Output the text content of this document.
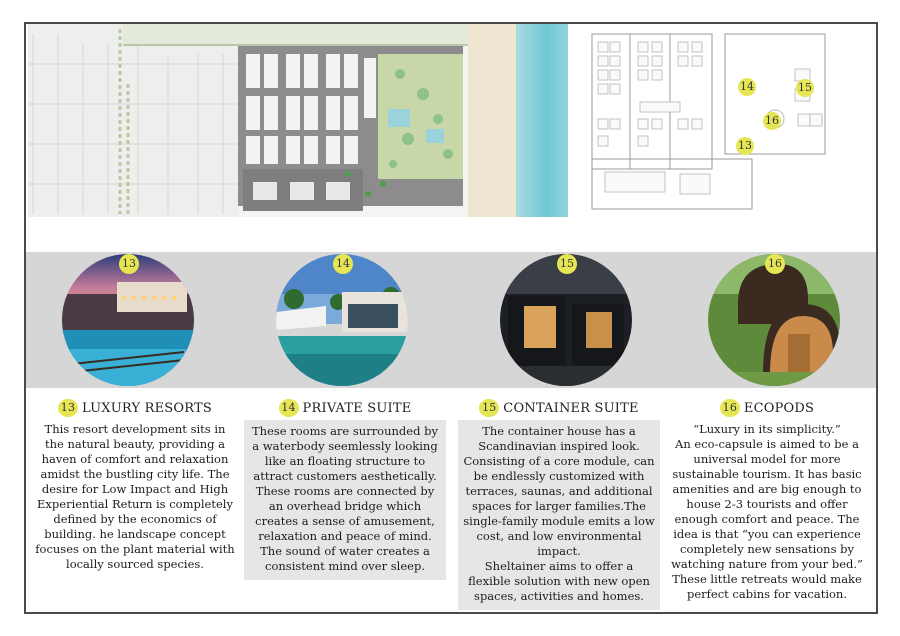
14	15
16
13
13	14	15	16
13 LUXURY RESORTS

This resort development sits in the natural beauty, providing a haven of comfort and relaxation amidst the bustling city life. The desire for Low Impact and High Experiential Return is completely defined by the economics of building. he landscape concept focuses on the plant material with locally sourced species.

14 PRIVATE SUITE

These rooms are surrounded by a waterbody seemlessly looking like an floating structure to attract customers aesthetically.

These rooms are connected by an overhead bridge which creates a sense of amusement, relaxation and peace of mind.

The sound of water creates a consistent mind over sleep.

15 CONTAINER SUITE

The container house has a Scandinavian inspired look.

Consisting of a core module, can be endlessly customized with terraces, saunas, and additional spaces for larger families.The single-family module emits a low cost, and low environmental impact.

Sheltainer aims to offer a flexible solution with new open spaces, activities and homes.

16 ECOPODS

“Luxury in its simplicity.”

An eco-capsule is aimed to be a universal model for more sustainable tourism. It has basic amenities and are big enough to house 2-3 tourists and offer enough comfort and peace. The idea is that “you can experience completely new sensations by watching nature from your bed.” These little retreats would make perfect cabins for vacation.
